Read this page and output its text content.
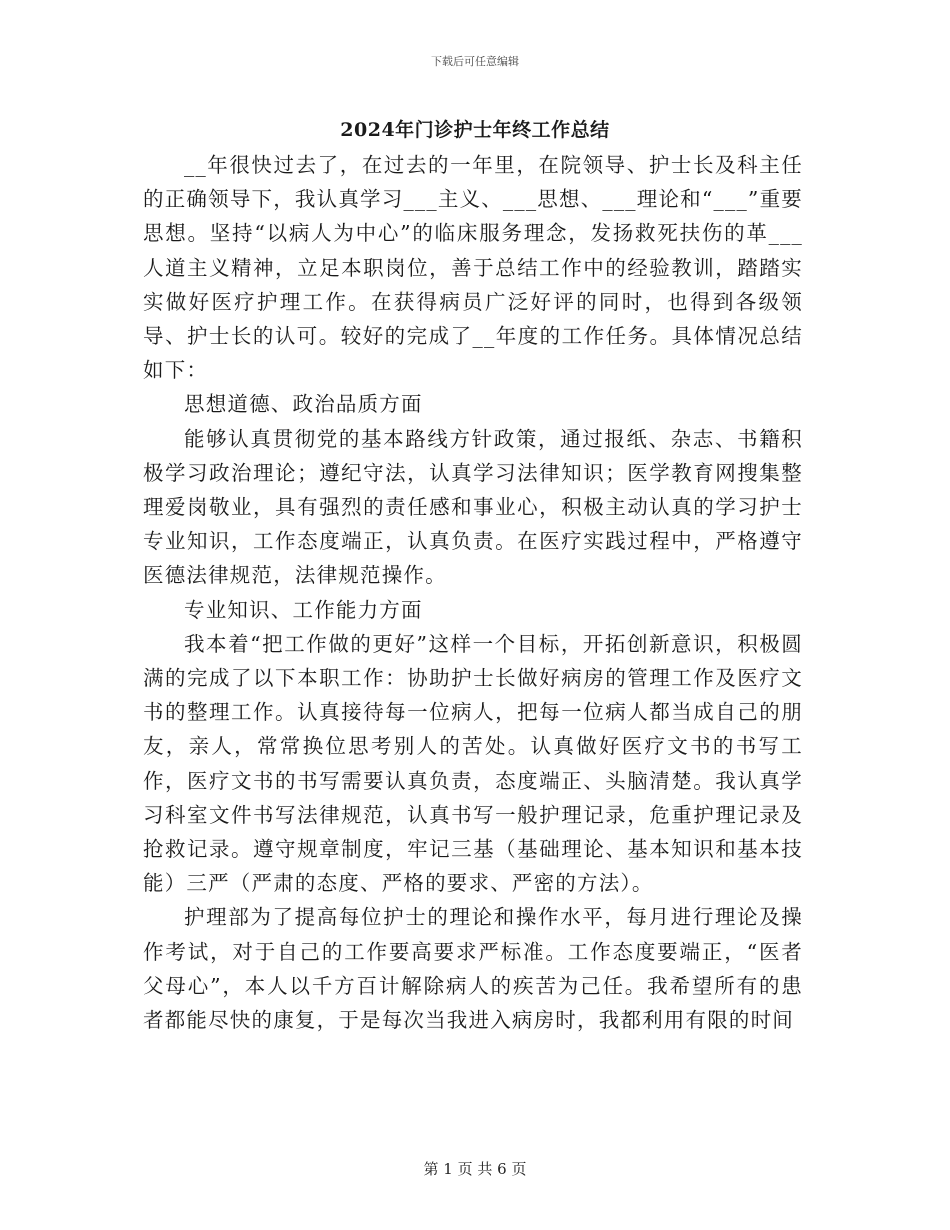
下载后可任意编辑
2024年门诊护士年终工作总结

__年很快过去了，在过去的一年里，在院领导、护士长及科主任的正确领导下，我认真学习___主义、___思想、___理论和“___”重要思想。坚持“以病人为中心”的临床服务理念，发扬救死扶伤的革___人道主义精神，立足本职岗位，善于总结工作中的经验教训，踏踏实实做好医疗护理工作。在获得病员广泛好评的同时，也得到各级领导、护士长的认可。较好的完成了__年度的工作任务。具体情况总结如下：

思想道德、政治品质方面

能够认真贯彻党的基本路线方针政策，通过报纸、杂志、书籍积极学习政治理论；遵纪守法，认真学习法律知识；医学教育网搜集整理爱岗敬业，具有强烈的责任感和事业心，积极主动认真的学习护士专业知识，工作态度端正，认真负责。在医疗实践过程中，严格遵守医德法律规范，法律规范操作。

专业知识、工作能力方面

我本着“把工作做的更好”这样一个目标，开拓创新意识，积极圆满的完成了以下本职工作：协助护士长做好病房的管理工作及医疗文书的整理工作。认真接待每一位病人，把每一位病人都当成自己的朋友，亲人，常常换位思考别人的苦处。认真做好医疗文书的书写工作，医疗文书的书写需要认真负责，态度端正、头脑清楚。我认真学习科室文件书写法律规范，认真书写一般护理记录，危重护理记录及抢救记录。遵守规章制度，牢记三基（基础理论、基本知识和基本技能）三严（严肃的态度、严格的要求、严密的方法）。

护理部为了提高每位护士的理论和操作水平，每月进行理论及操作考试，对于自己的工作要高要求严标准。工作态度要端正，“医者父母心”，本人以千方百计解除病人的疾苦为己任。我希望所有的患者都能尽快的康复，于是每次当我进入病房时，我都利用有限的时间

第 1 页 共 6 页
